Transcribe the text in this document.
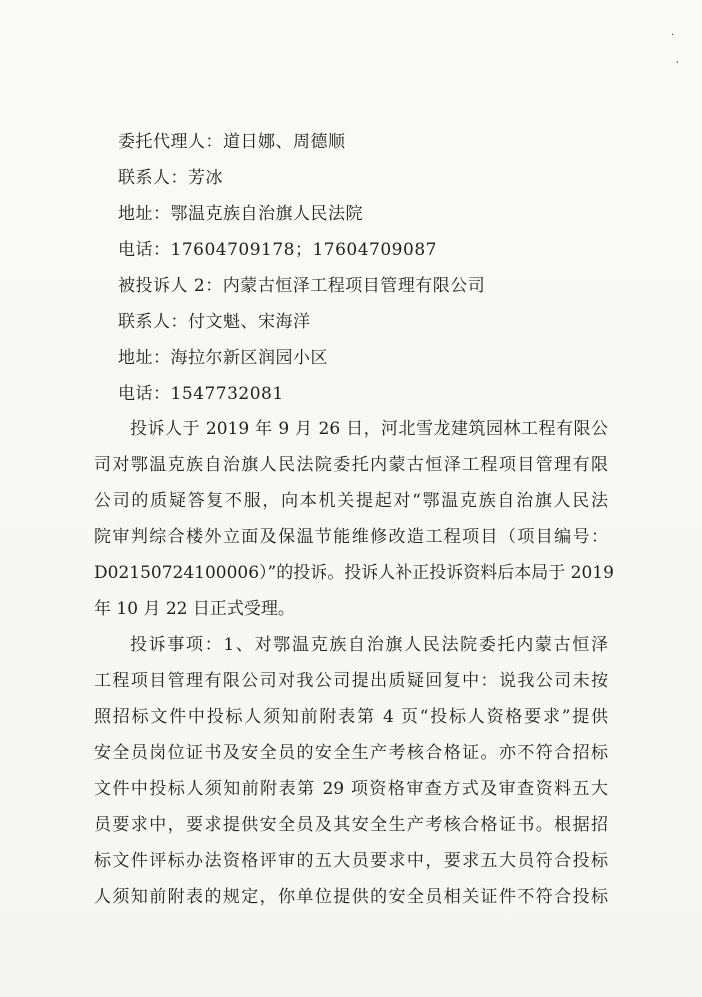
·
ˊ
委托代理人：道日娜、周德顺
联系人：芳冰
地址：鄂温克族自治旗人民法院
电话：17604709178；17604709087
被投诉人 2：内蒙古恒泽工程项目管理有限公司
联系人：付文魁、宋海洋
地址：海拉尔新区润园小区
电话：1547732081
投诉人于 2019 年 9 月 26 日，河北雪龙建筑园林工程有限公
司对鄂温克族自治旗人民法院委托内蒙古恒泽工程项目管理有限
公司的质疑答复不服，向本机关提起对“鄂温克族自治旗人民法
院审判综合楼外立面及保温节能维修改造工程项目（项目编号：
D02150724100006）”的投诉。投诉人补正投诉资料后本局于 2019
年 10 月 22 日正式受理。
投诉事项：1、对鄂温克族自治旗人民法院委托内蒙古恒泽
工程项目管理有限公司对我公司提出质疑回复中：说我公司未按
照招标文件中投标人须知前附表第 4 页“投标人资格要求”提供
安全员岗位证书及安全员的安全生产考核合格证。亦不符合招标
文件中投标人须知前附表第 29 项资格审查方式及审查资料五大
员要求中，要求提供安全员及其安全生产考核合格证书。根据招
标文件评标办法资格评审的五大员要求中，要求五大员符合投标
人须知前附表的规定，你单位提供的安全员相关证件不符合投标
